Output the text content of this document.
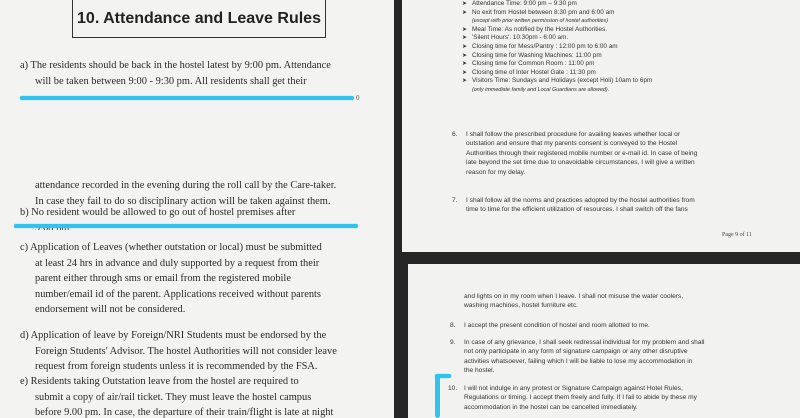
10. Attendance and Leave Rules
a) The residents should be back in the hostel latest by 9:00 pm. Attendance
will be taken between 9:00 - 9:30 pm. All residents shall get their
0
attendance recorded in the evening during the roll call by the Care-taker.
In case they fail to do so disciplinary action will be taken against them.
b) No resident would be allowed to go out of hostel premises after
c) Application of Leaves (whether outstation or local) must be submitted
at least 24 hrs in advance and duly supported by a request from their
parent either through sms or email from the registered mobile
number/email id of the parent. Applications received without parents
endorsement will not be considered.
d) Application of leave by Foreign/NRI Students must be endorsed by the
Foreign Students' Advisor. The hostel Authorities will not consider leave
request from foreign students unless it is recommended by the FSA.
e) Residents taking Outstation leave from the hostel are required to
submit a copy of air/rail ticket. They must leave the hostel campus
before 9.00 pm. In case, the departure of their train/flight is late at night
➤ Attendance Time: 9:00 pm – 9:30 pm
➤ No exit from Hostel between 8:30 pm and 6:00 am
(except with prior written permission of hostel authorities)
➤ Meal Time: As notified by the Hostel Authorities.
➤ 'Silent Hours': 10:30pm - 6:00 am.
➤ Closing time for Mess/Pantry : 12:00 pm to 6:00 am
➤ Closing time for Washing Machines: 11:00 pm
➤ Closing time for Common Room : 11:00 pm
➤ Closing time of Inter Hostel Gate : 11:30 pm
➤ Visitors Time: Sundays and Holidays (except Holi) 10am to 6pm
(only immediate family and Local Guardians are allowed).
6. I shall follow the prescribed procedure for availing leaves whether local or
outstation and ensure that my parents consent is conveyed to the Hostel
Authorities through their registered mobile number or e-mail id. In case of being
late beyond the set time due to unavoidable circumstances, I will give a written
reason for my delay.
7. I shall follow all the norms and practices adopted by the hostel authorities from
time to time for the efficient utilization of resources. I shall switch off the fans
Page 9 of 11
and lights on in my room when I leave. I shall not misuse the water coolers,
washing machines, hostel furniture etc.
8. I accept the present condition of hostel and room allotted to me.
9. In case of any grievance, I shall seek redressal individual for my problem and shall
not only participate in any form of signature campaign or any other disruptive
activities whatsoever, failing which I will be liable to lose my accommodation in
the hostel.
10. I will not indulge in any protest or Signature Campaign against Hotel Rules,
Regulations or timing. I accept them freely and fully. If I fail to abide by these my
accommodation in the hostel can be cancelled immediately.
